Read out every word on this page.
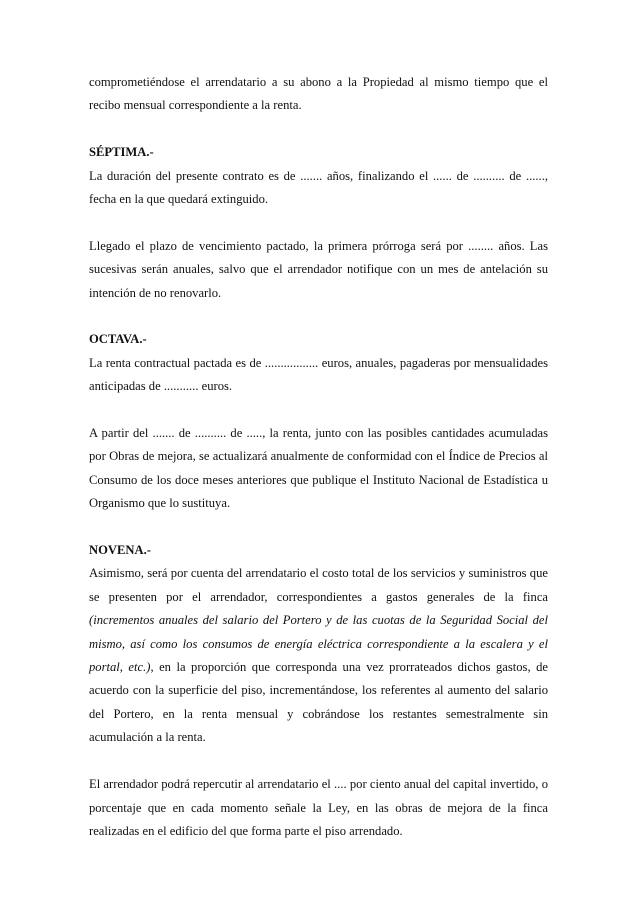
comprometiéndose el arrendatario a su abono a la Propiedad al mismo tiempo que el recibo mensual correspondiente a la renta.

SÉPTIMA.-

La duración del presente contrato es de ....... años, finalizando el ...... de .......... de ......, fecha en la que quedará extinguido.

Llegado el plazo de vencimiento pactado, la primera prórroga será por ........ años. Las sucesivas serán anuales, salvo que el arrendador notifique con un mes de antelación su intención de no renovarlo.

OCTAVA.-

La renta contractual pactada es de ................. euros, anuales, pagaderas por mensualidades anticipadas de ........... euros.

A partir del ....... de .......... de ....., la renta, junto con las posibles cantidades acumuladas por Obras de mejora, se actualizará anualmente de conformidad con el Índice de Precios al Consumo de los doce meses anteriores que publique el Instituto Nacional de Estadística u Organismo que lo sustituya.

NOVENA.-

Asimismo, será por cuenta del arrendatario el costo total de los servicios y suministros que se presenten por el arrendador, correspondientes a gastos generales de la finca (incrementos anuales del salario del Portero y de las cuotas de la Seguridad Social del mismo, así como los consumos de energía eléctrica correspondiente a la escalera y el portal, etc.), en la proporción que corresponda una vez prorrateados dichos gastos, de acuerdo con la superficie del piso, incrementándose, los referentes al aumento del salario del Portero, en la renta mensual y cobrándose los restantes semestralmente sin acumulación a la renta.

El arrendador podrá repercutir al arrendatario el .... por ciento anual del capital invertido, o porcentaje que en cada momento señale la Ley, en las obras de mejora de la finca realizadas en el edificio del que forma parte el piso arrendado.
